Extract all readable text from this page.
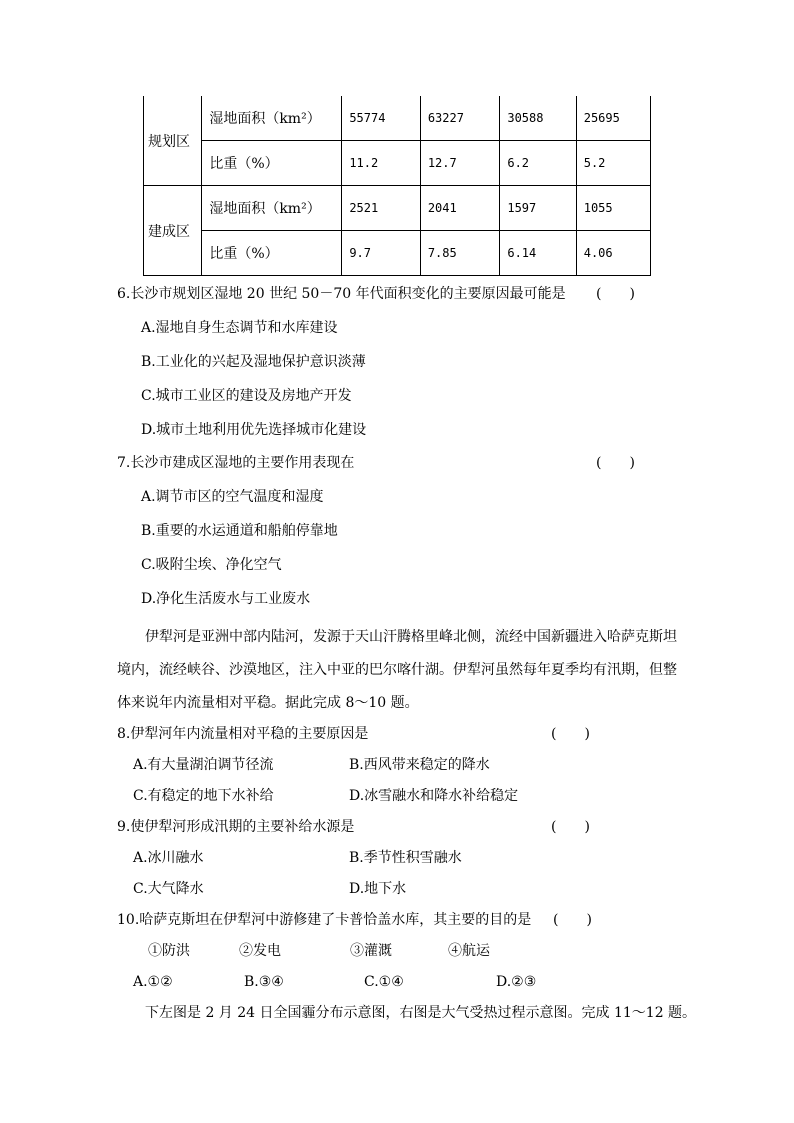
规划区	湿地面积（km²）	55774	63227	30588	25695
	比重（%）	11.2	12.7	6.2	5.2
建成区	湿地面积（km²）	2521	2041	1597	1055
	比重（%）	9.7	7.85	6.14	4.06
6.长沙市规划区湿地 20 世纪 50－70 年代面积变化的主要原因最可能是 (　　)
A.湿地自身生态调节和水库建设
B.工业化的兴起及湿地保护意识淡薄
C.城市工业区的建设及房地产开发
D.城市土地利用优先选择城市化建设
7.长沙市建成区湿地的主要作用表现在	(　　)
A.调节市区的空气温度和湿度
B.重要的水运通道和船舶停靠地
C.吸附尘埃、净化空气
D.净化生活废水与工业废水
伊犁河是亚洲中部内陆河，发源于天山汗腾格里峰北侧，流经中国新疆进入哈萨克斯坦
境内，流经峡谷、沙漠地区，注入中亚的巴尔喀什湖。伊犁河虽然每年夏季均有汛期，但整
体来说年内流量相对平稳。据此完成 8～10 题。
8.伊犁河年内流量相对平稳的主要原因是	(　　)
A.有大量湖泊调节径流	B.西风带来稳定的降水
C.有稳定的地下水补给	D.冰雪融水和降水补给稳定
9.使伊犁河形成汛期的主要补给水源是	(　　)
A.冰川融水	B.季节性积雪融水
C.大气降水	D.地下水
10.哈萨克斯坦在伊犁河中游修建了卡普恰盖水库，其主要的目的是 (　　)
①防洪	②发电	③灌溉	④航运
A.①②	B.③④	C.①④	D.②③
下左图是 2 月 24 日全国霾分布示意图，右图是大气受热过程示意图。完成 11～12 题。
